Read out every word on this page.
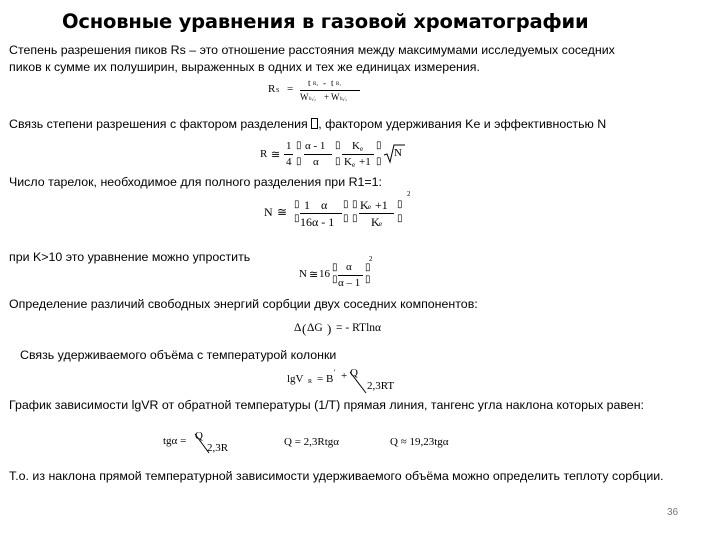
Основные уравнения в газовой хроматографии
Степень разрешения пиков Rs – это отношение расстояния между максимумами исследуемых соседних
пиков к сумме их полуширин, выраженных в одних и тех же единицах измерения.
R S = t R₂ - t R₁
W b₁⁄₂ + W b₂⁄₂
Связь степени разрешения с фактором разделения , фактором удерживания Ke и эффективностью N
R ≅
1
4
▯
▯
α - 1
α
▯
▯
K e
K e +1
▯
▯
N
Число тарелок, необходимое для полного разделения при R1=1:
N ≅
▯
▯
1
16
α
α - 1
▯
▯
▯
▯
K e +1
K e
▯
▯
2
при K>10 это уравнение можно упростить
N ≅ 16
▯
▯
α
α – 1
▯
▯
2
Определение различий свободных энергий сорбции двух соседних компонентов:
Δ ( ΔG ) = - RTlnα
Связь удерживаемого объёма с температурой колонки
lgV R = B
' + Q
2,3RT
График зависимости lgVR от обратной температуры (1/T) прямая линия, тангенс угла наклона которых равен:
tgα = Q
2,3R	Q = 2,3Rtgα	Q ≈ 19,23tgα
Т.о. из наклона прямой температурной зависимости удерживаемого объёма можно определить теплоту сорбции.
36
